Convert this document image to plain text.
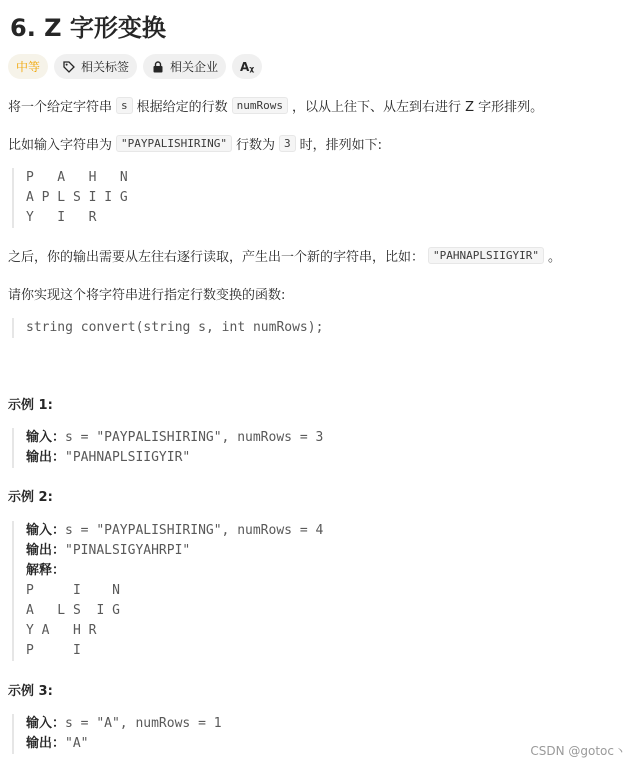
6. Z 字形变换
中等	相关标签	相关企业 Aᵪ
将一个给定字符串 s 根据给定的行数 numRows ，以从上往下、从左到右进行 Z 字形排列。
比如输入字符串为 "PAYPALISHIRING" 行数为 3 时，排列如下:
P   A   H   N
A P L S I I G
Y   I   R
之后，你的输出需要从左往右逐行读取，产生出一个新的字符串，比如： "PAHNAPLSIIGYIR" 。
请你实现这个将字符串进行指定行数变换的函数:
string convert(string s, int numRows);
示例 1:
输入：s = "PAYPALISHIRING", numRows = 3
输出："PAHNAPLSIIGYIR"
示例 2:
输入：s = "PAYPALISHIRING", numRows = 4
输出："PINALSIGYAHRPI"
解释：
P     I    N
A   L S  I G
Y A   H R
P     I
示例 3:
输入：s = "A", numRows = 1
输出："A"	CSDN @gotoc丶
